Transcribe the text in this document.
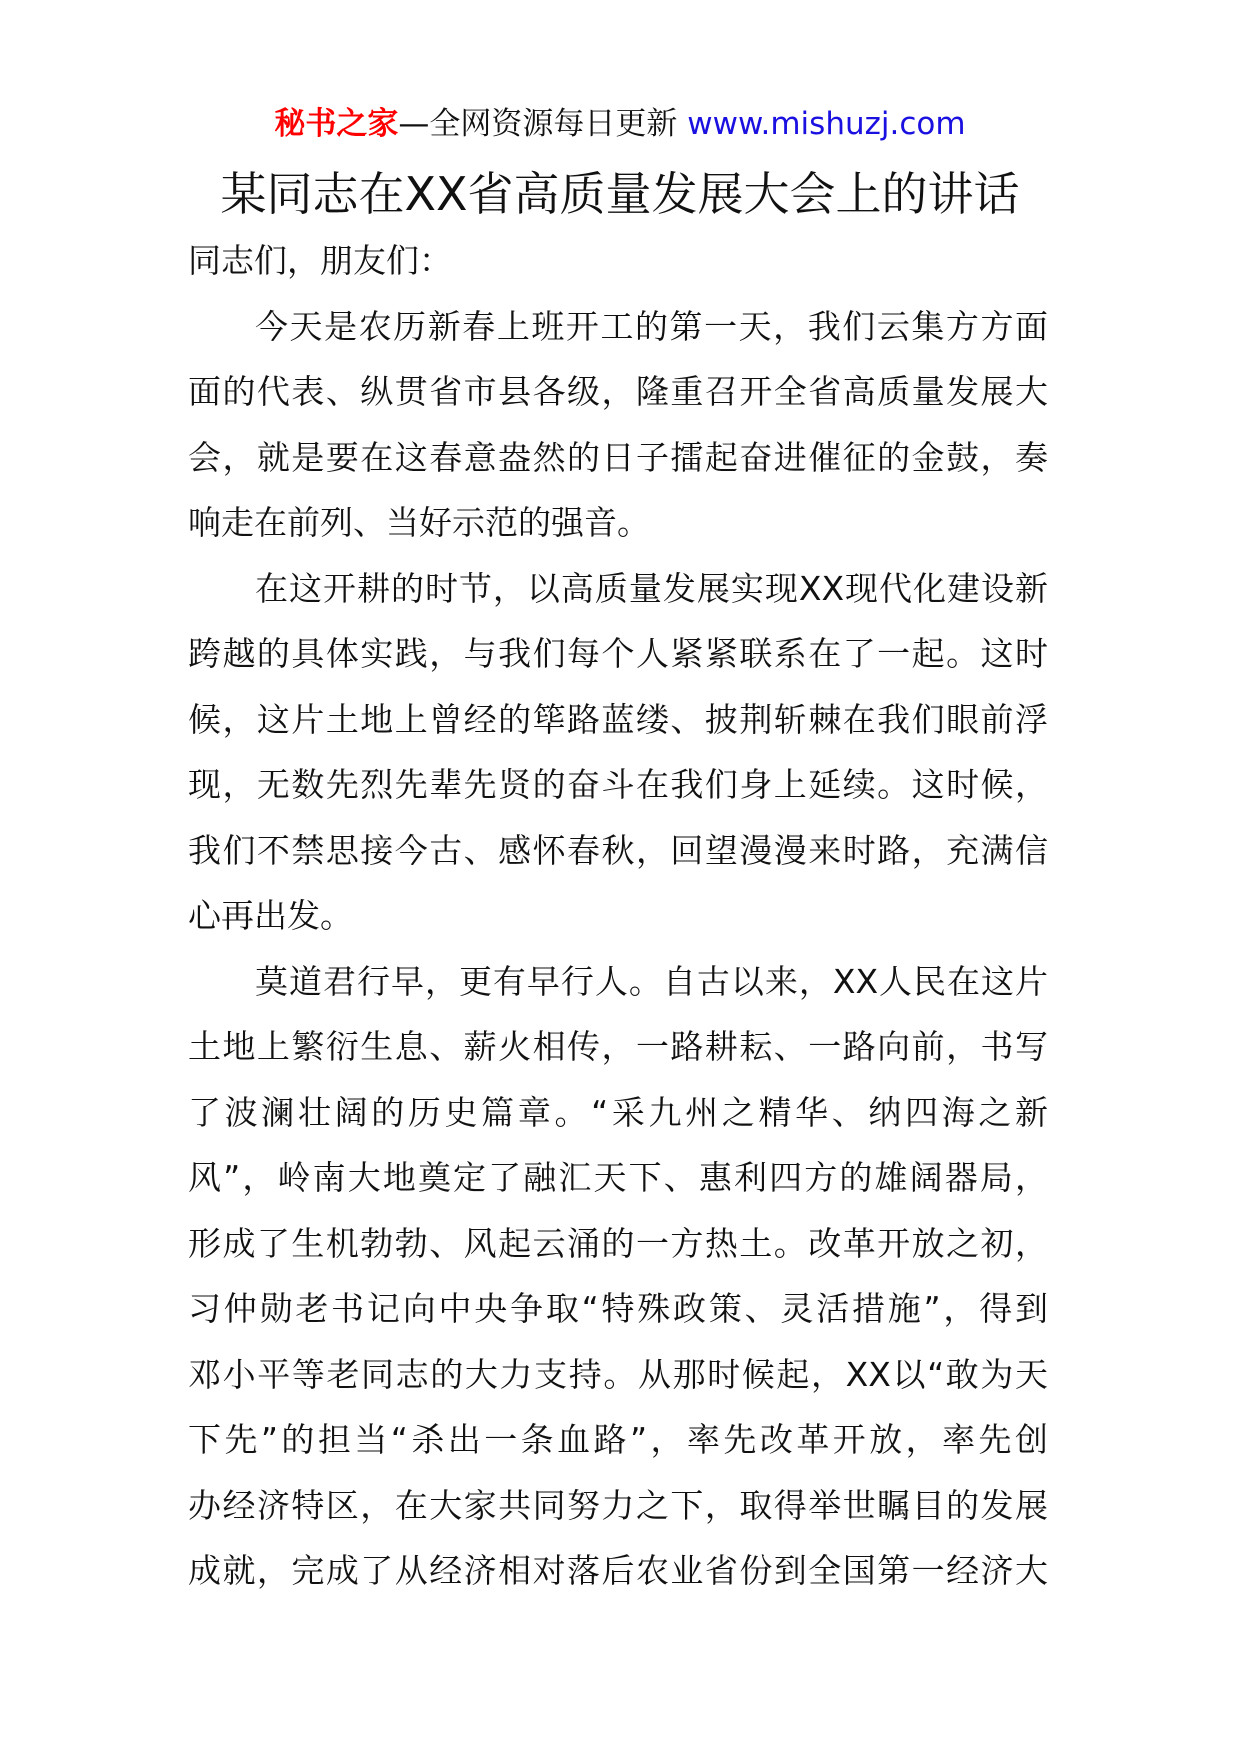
秘书之家—全网资源每日更新 www.mishuzj.com
某同志在XX省高质量发展大会上的讲话
同志们，朋友们：
今天是农历新春上班开工的第一天，我们云集方方面
面的代表、纵贯省市县各级，隆重召开全省高质量发展大
会，就是要在这春意盎然的日子擂起奋进催征的金鼓，奏
响走在前列、当好示范的强音。
在这开耕的时节，以高质量发展实现XX现代化建设新
跨越的具体实践，与我们每个人紧紧联系在了一起。这时
候，这片土地上曾经的筚路蓝缕、披荆斩棘在我们眼前浮
现，无数先烈先辈先贤的奋斗在我们身上延续。这时候，
我们不禁思接今古、感怀春秋，回望漫漫来时路，充满信
心再出发。
莫道君行早，更有早行人。自古以来，XX人民在这片
土地上繁衍生息、薪火相传，一路耕耘、一路向前，书写
了波澜壮阔的历史篇章。“采九州之精华、纳四海之新
风”，岭南大地奠定了融汇天下、惠利四方的雄阔器局，
形成了生机勃勃、风起云涌的一方热土。改革开放之初，
习仲勋老书记向中央争取“特殊政策、灵活措施”，得到
邓小平等老同志的大力支持。从那时候起，XX以“敢为天
下先”的担当“杀出一条血路”，率先改革开放，率先创
办经济特区，在大家共同努力之下，取得举世瞩目的发展
成就，完成了从经济相对落后农业省份到全国第一经济大
